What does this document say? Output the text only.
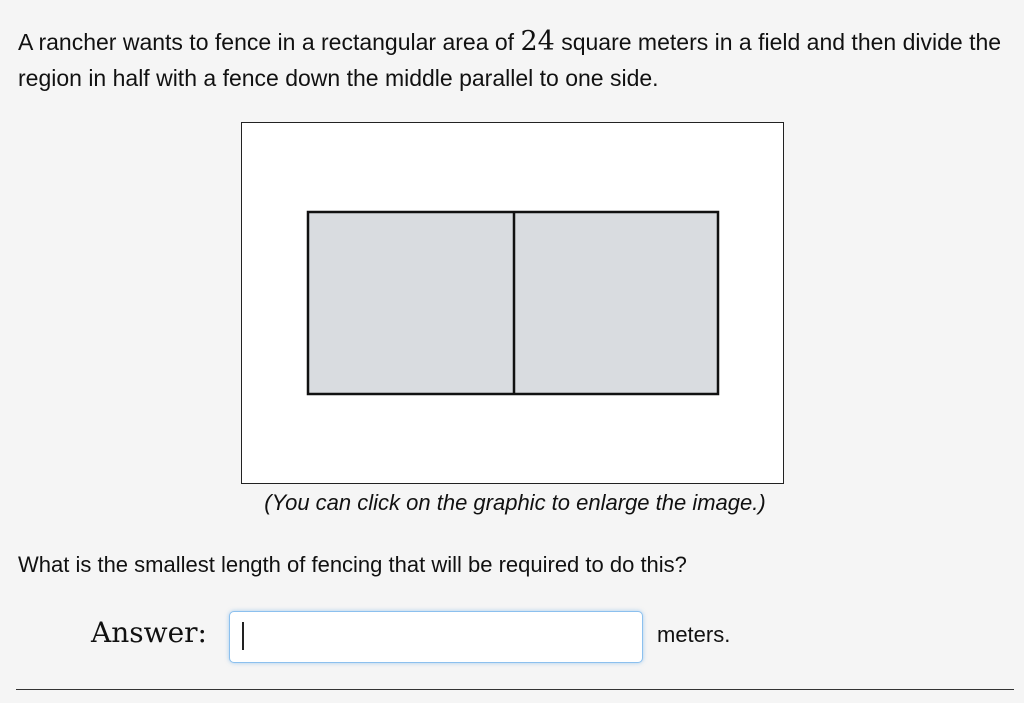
A rancher wants to fence in a rectangular area of 24 square meters in a field and then divide the region in half with a fence down the middle parallel to one side.
(You can click on the graphic to enlarge the image.)
What is the smallest length of fencing that will be required to do this?
Answer:	meters.
